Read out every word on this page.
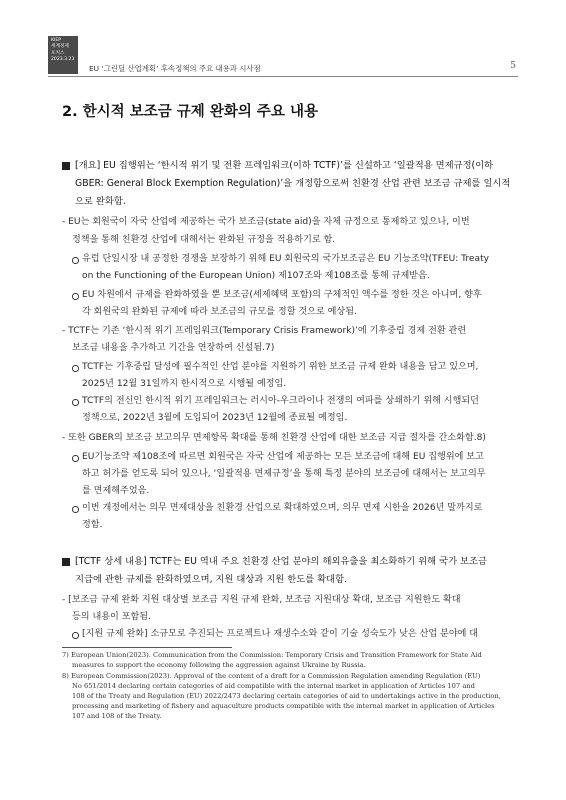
KIEP
세계경제
포커스
2023.3.23
EU ‘그린딜 산업계획’ 후속정책의 주요 내용과 시사점	5
2. 한시적 보조금 규제 완화의 주요 내용
[개요] EU 집행위는 ‘한시적 위기 및 전환 프레임워크(이하 TCTF)’를 신설하고 ‘일괄적용 면제규정(이하
GBER: General Block Exemption Regulation)’을 개정함으로써 친환경 산업 관련 보조금 규제를 일시적
으로 완화함.
- EU는 회원국이 자국 산업에 제공하는 국가 보조금(state aid)을 자체 규정으로 통제하고 있으나, 이번
정책을 통해 친환경 산업에 대해서는 완화된 규정을 적용하기로 함.
유럽 단일시장 내 공정한 경쟁을 보장하기 위해 EU 회원국의 국가보조금은 EU 기능조약(TFEU: Treaty
on the Functioning of the European Union) 제107조와 제108조를 통해 규제받음.
EU 차원에서 규제를 완화하였을 뿐 보조금(세제혜택 포함)의 구체적인 액수를 정한 것은 아니며, 향후
각 회원국의 완화된 규제에 따라 보조금의 규모를 정할 것으로 예상됨.
- TCTF는 기존 ‘한시적 위기 프레임워크(Temporary Crisis Framework)’에 기후중립 경제 전환 관련
보조금 내용을 추가하고 기간을 연장하여 신설됨.7)
TCTF는 기후중립 달성에 필수적인 산업 분야를 지원하기 위한 보조금 규제 완화 내용을 담고 있으며,
2025년 12월 31일까지 한시적으로 시행될 예정임.
TCTF의 전신인 한시적 위기 프레임워크는 러시아-우크라이나 전쟁의 여파를 상쇄하기 위해 시행되던
정책으로, 2022년 3월에 도입되어 2023년 12월에 종료될 예정임.
- 또한 GBER의 보조금 보고의무 면제항목 확대를 통해 친환경 산업에 대한 보조금 지급 절차를 간소화함.8)
EU기능조약 제108조에 따르면 회원국은 자국 산업에 제공하는 모든 보조금에 대해 EU 집행위에 보고
하고 허가를 얻도록 되어 있으나, ‘일괄적용 면제규정’을 통해 특정 분야의 보조금에 대해서는 보고의무
를 면제해주었음.
이번 개정에서는 의무 면제대상을 친환경 산업으로 확대하였으며, 의무 면제 시한을 2026년 말까지로
정함.
[TCTF 상세 내용] TCTF는 EU 역내 주요 친환경 산업 분야의 해외유출을 최소화하기 위해 국가 보조금
지급에 관한 규제를 완화하였으며, 지원 대상과 지원 한도를 확대함.
- [보조금 규제 완화 지원 대상별 보조금 지원 규제 완화, 보조금 지원대상 확대, 보조금 지원한도 확대
등의 내용이 포함됨.
[지원 규제 완화] 소규모로 추진되는 프로젝트나 재생수소와 같이 기술 성숙도가 낮은 산업 분야에 대
7) European Union(2023). Communication from the Commission: Temporary Crisis and Transition Framework for State Aid
measures to support the economy following the aggression against Ukraine by Russia.
8) European Commission(2023). Approval of the content of a draft for a Commission Regulation amending Regulation (EU)
No 651/2014 declaring certain categories of aid compatible with the internal market in application of Articles 107 and
108 of the Treaty and Regulation (EU) 2022/2473 declaring certain categories of aid to undertakings active in the production,
processing and marketing of fishery and aquaculture products compatible with the internal market in application of Articles
107 and 108 of the Treaty.
